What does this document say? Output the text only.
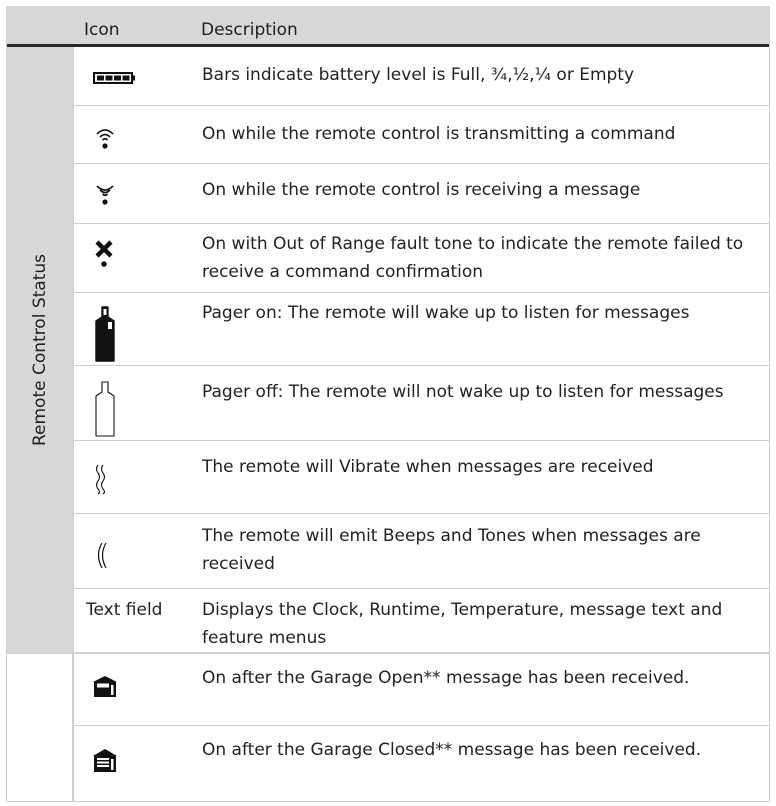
Icon	Description
Remote Control Status
Bars indicate battery level is Full, ¾,½,¼ or Empty
On while the remote control is transmitting a command
On while the remote control is receiving a message
On with Out of Range fault tone to indicate the remote failed to receive a command confirmation
Pager on: The remote will wake up to listen for messages
Pager off: The remote will not wake up to listen for messages
The remote will Vibrate when messages are received
The remote will emit Beeps and Tones when messages are received
Text field Displays the Clock, Runtime, Temperature, message text and feature menus
On after the Garage Open** message has been received.
On after the Garage Closed** message has been received.
